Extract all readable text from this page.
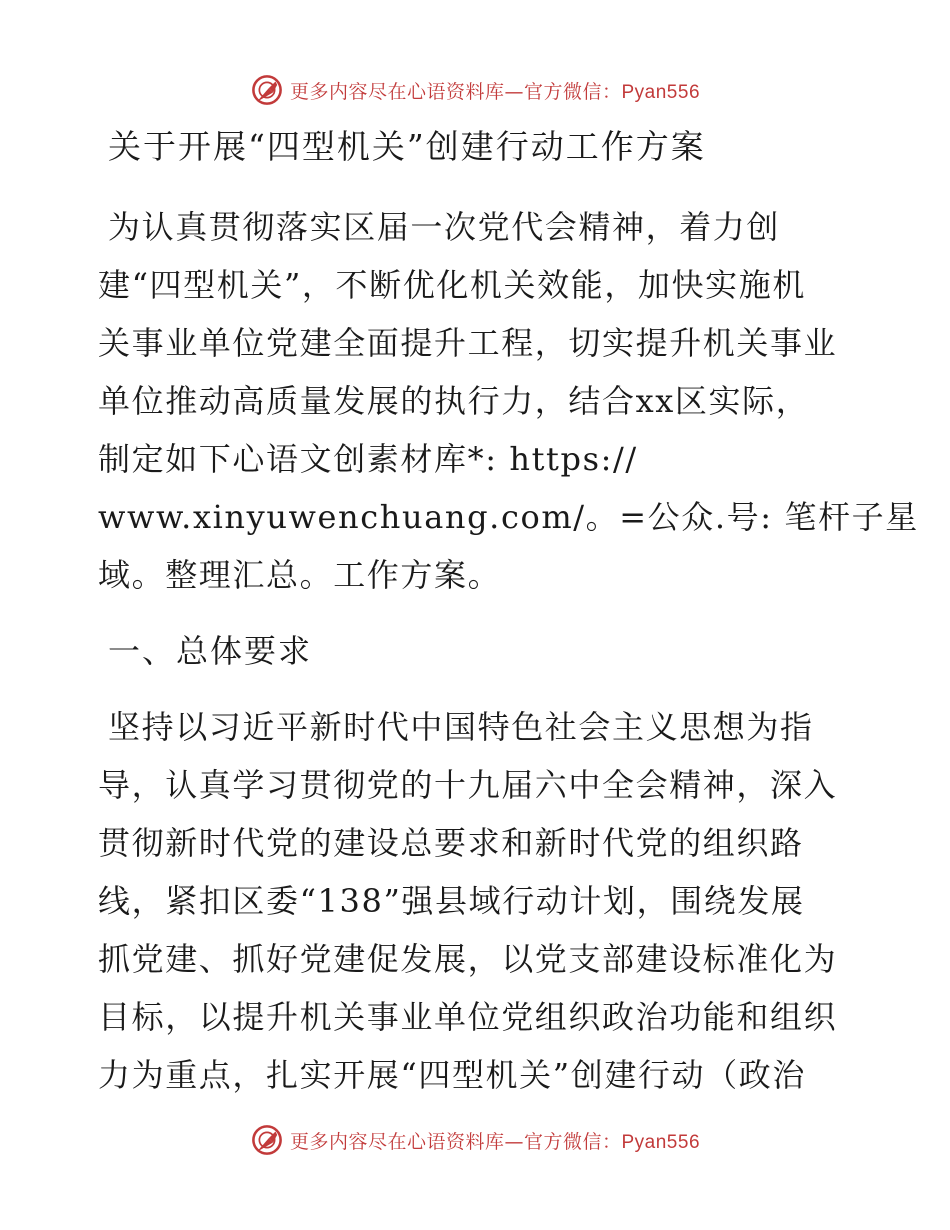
更多内容尽在心语资料库—官方微信：Pyan556
关于开展“四型机关”创建行动工作方案

为认真贯彻落实区届一次党代会精神，着力创
建“四型机关”，不断优化机关效能，加快实施机
关事业单位党建全面提升工程，切实提升机关事业
单位推动高质量发展的执行力，结合xx区实际，
制定如下心语文创素材库*: https://
www.xinyuwenchuang.com/。=公众.号: 笔杆子星
域。整理汇总。工作方案。

一、总体要求

坚持以习近平新时代中国特色社会主义思想为指
导，认真学习贯彻党的十九届六中全会精神，深入
贯彻新时代党的建设总要求和新时代党的组织路
线，紧扣区委“138”强县域行动计划，围绕发展
抓党建、抓好党建促发展，以党支部建设标准化为
目标，以提升机关事业单位党组织政治功能和组织
力为重点，扎实开展“四型机关”创建行动（政治

更多内容尽在心语资料库—官方微信：Pyan556
